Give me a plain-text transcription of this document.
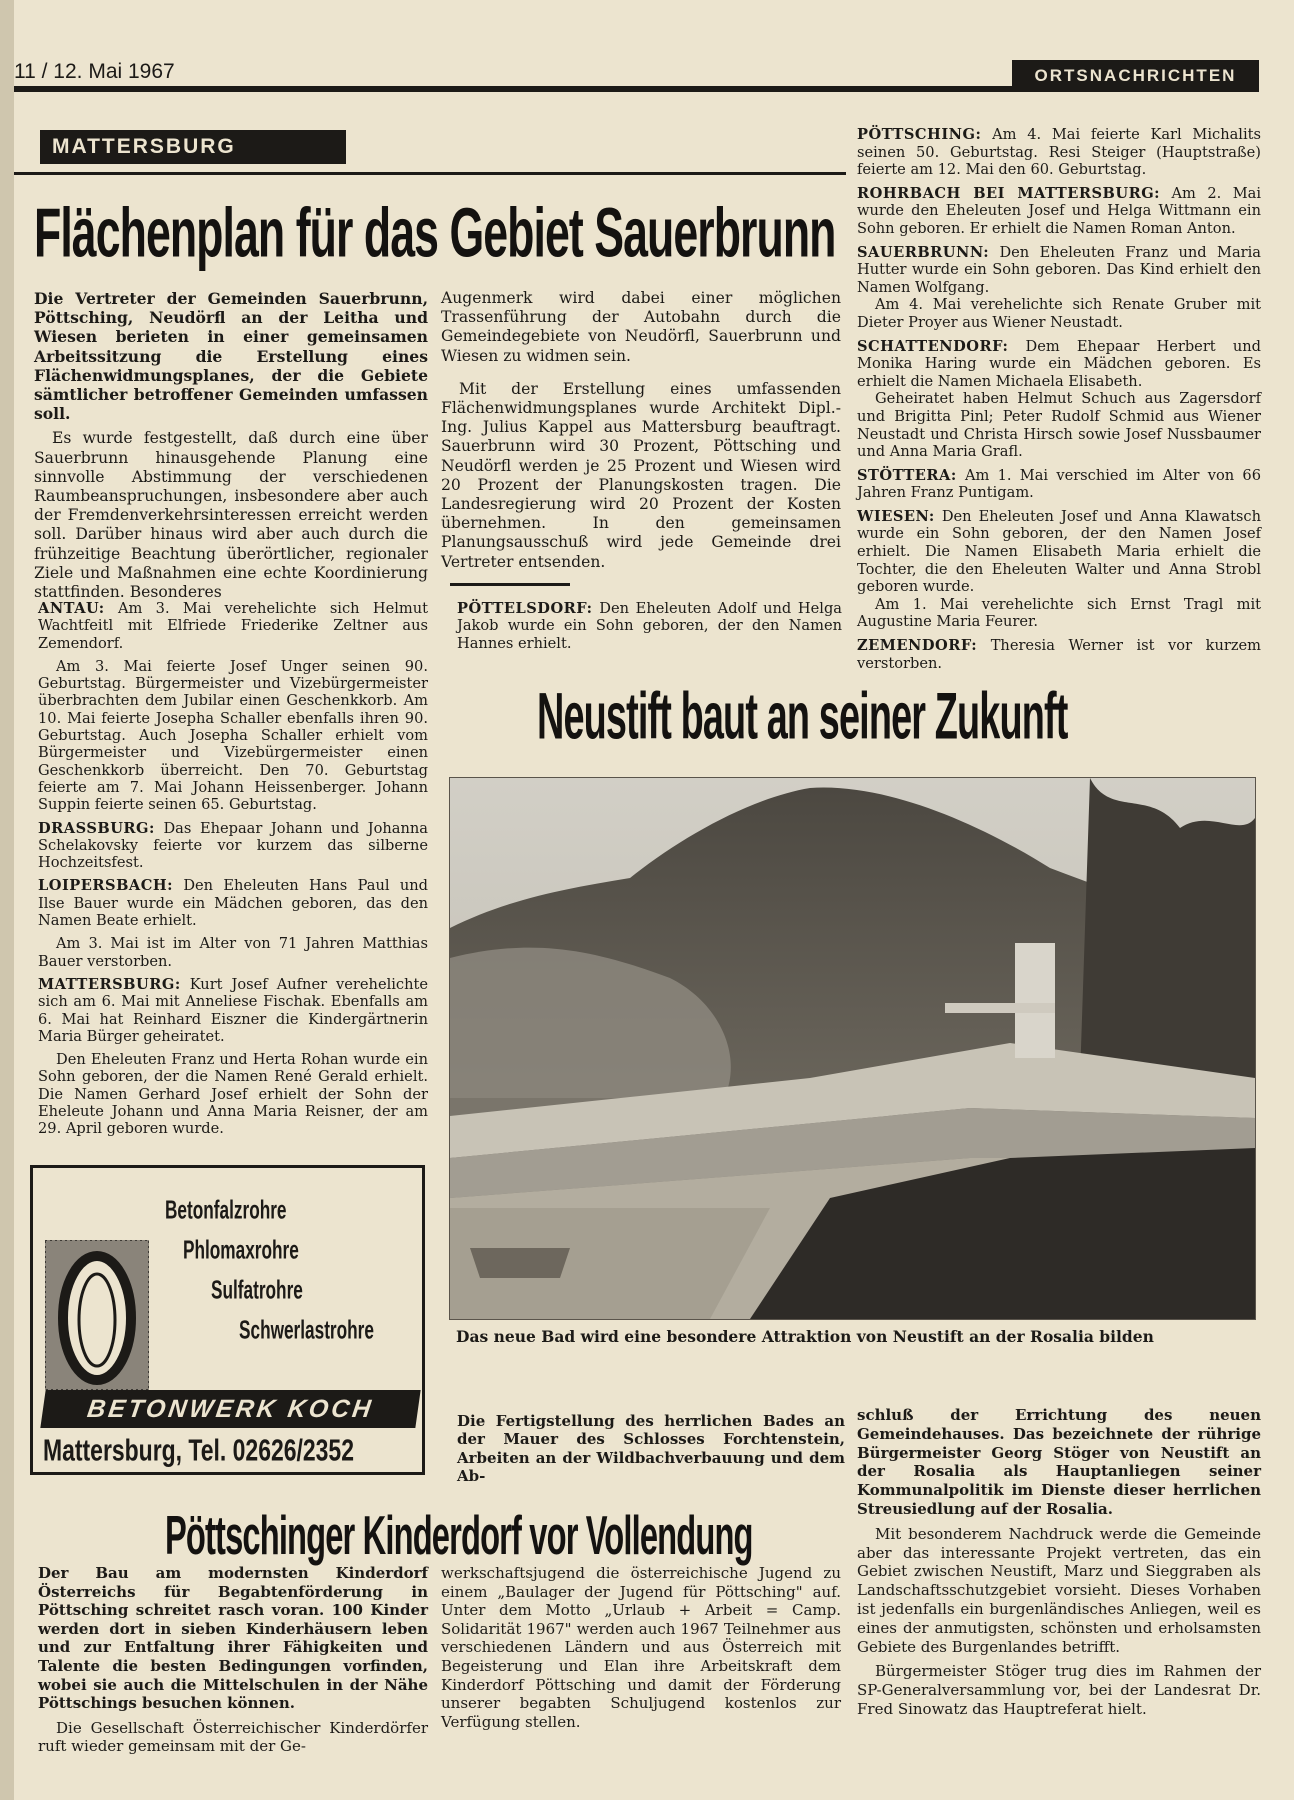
11 / 12. Mai 1967	ORTSNACHRICHTEN
MATTERSBURG
Flächenplan für das Gebiet Sauerbrunn

Die Vertreter der Gemeinden Sauerbrunn, Pöttsching, Neudörfl an der Leitha und Wiesen berieten in einer gemeinsamen Arbeitssitzung die Erstellung eines Flächenwidmungsplanes, der die Gebiete sämtlicher betroffener Gemeinden umfassen soll.

Es wurde festgestellt, daß durch eine über Sauerbrunn hinausgehende Planung eine sinnvolle Abstimmung der verschiedenen Raumbeanspruchungen, insbesondere aber auch der Fremdenverkehrsinteressen erreicht werden soll. Darüber hinaus wird aber auch durch die frühzeitige Beachtung überörtlicher, regionaler Ziele und Maßnahmen eine echte Koordinierung stattfinden. Besonderes

Augenmerk wird dabei einer möglichen Trassenführung der Autobahn durch die Gemeindegebiete von Neudörfl, Sauerbrunn und Wiesen zu widmen sein.

Mit der Erstellung eines umfassenden Flächenwidmungsplanes wurde Architekt Dipl.-Ing. Julius Kappel aus Mattersburg beauftragt. Sauerbrunn wird 30 Prozent, Pöttsching und Neudörfl werden je 25 Prozent und Wiesen wird 20 Prozent der Planungskosten tragen. Die Landesregierung wird 20 Prozent der Kosten übernehmen. In den gemeinsamen Planungsausschuß wird jede Gemeinde drei Vertreter entsenden.

PÖTTSCHING: Am 4. Mai feierte Karl Michalits seinen 50. Geburtstag. Resi Steiger (Hauptstraße) feierte am 12. Mai den 60. Geburtstag.

ROHRBACH BEI MATTERSBURG: Am 2. Mai wurde den Eheleuten Josef und Helga Wittmann ein Sohn geboren. Er erhielt die Namen Roman Anton.

SAUERBRUNN: Den Eheleuten Franz und Maria Hutter wurde ein Sohn geboren. Das Kind erhielt den Namen Wolfgang.

Am 4. Mai verehelichte sich Renate Gruber mit Dieter Proyer aus Wiener Neustadt.

SCHATTENDORF: Dem Ehepaar Herbert und Monika Haring wurde ein Mädchen geboren. Es erhielt die Namen Michaela Elisabeth.

Geheiratet haben Helmut Schuch aus Zagersdorf und Brigitta Pinl; Peter Rudolf Schmid aus Wiener Neustadt und Christa Hirsch sowie Josef Nussbaumer und Anna Maria Grafl.

STÖTTERA: Am 1. Mai verschied im Alter von 66 Jahren Franz Puntigam.

WIESEN: Den Eheleuten Josef und Anna Klawatsch wurde ein Sohn geboren, der den Namen Josef erhielt. Die Namen Elisabeth Maria erhielt die Tochter, die den Eheleuten Walter und Anna Strobl geboren wurde.

Am 1. Mai verehelichte sich Ernst Tragl mit Augustine Maria Feurer.

ZEMENDORF: Theresia Werner ist vor kurzem verstorben.

ANTAU: Am 3. Mai verehelichte sich Helmut Wachtfeitl mit Elfriede Friederike Zeltner aus Zemendorf.

Am 3. Mai feierte Josef Unger seinen 90. Geburtstag. Bürgermeister und Vizebürgermeister überbrachten dem Jubilar einen Geschenkkorb. Am 10. Mai feierte Josepha Schaller ebenfalls ihren 90. Geburtstag. Auch Josepha Schaller erhielt vom Bürgermeister und Vizebürgermeister einen Geschenkkorb überreicht. Den 70. Geburtstag feierte am 7. Mai Johann Heissenberger. Johann Suppin feierte seinen 65. Geburtstag.

DRASSBURG: Das Ehepaar Johann und Johanna Schelakovsky feierte vor kurzem das silberne Hochzeitsfest.

LOIPERSBACH: Den Eheleuten Hans Paul und Ilse Bauer wurde ein Mädchen geboren, das den Namen Beate erhielt.

Am 3. Mai ist im Alter von 71 Jahren Matthias Bauer verstorben.

MATTERSBURG: Kurt Josef Aufner verehelichte sich am 6. Mai mit Anneliese Fischak. Ebenfalls am 6. Mai hat Reinhard Eiszner die Kindergärtnerin Maria Bürger geheiratet.

Den Eheleuten Franz und Herta Rohan wurde ein Sohn geboren, der die Namen René Gerald erhielt. Die Namen Gerhard Josef erhielt der Sohn der Eheleute Johann und Anna Maria Reisner, der am 29. April geboren wurde.

PÖTTELSDORF: Den Eheleuten Adolf und Helga Jakob wurde ein Sohn geboren, der den Namen Hannes erhielt.

Neustift baut an seiner Zukunft
Das neue Bad wird eine besondere Attraktion von Neustift an der Rosalia bilden

Die Fertigstellung des herrlichen Bades an der Mauer des Schlosses Forchtenstein, Arbeiten an der Wildbachverbauung und dem Ab-

schluß der Errichtung des neuen Gemeindehauses. Das bezeichnete der rührige Bürgermeister Georg Stöger von Neustift an der Rosalia als Hauptanliegen seiner Kommunalpolitik im Dienste dieser herrlichen Streusiedlung auf der Rosalia.

Mit besonderem Nachdruck werde die Gemeinde aber das interessante Projekt vertreten, das ein Gebiet zwischen Neustift, Marz und Sieggraben als Landschaftsschutzgebiet vorsieht. Dieses Vorhaben ist jedenfalls ein burgenländisches Anliegen, weil es eines der anmutigsten, schönsten und erholsamsten Gebiete des Burgenlandes betrifft.

Bürgermeister Stöger trug dies im Rahmen der SP-Generalversammlung vor, bei der Landesrat Dr. Fred Sinowatz das Hauptreferat hielt.

Betonfalzrohre
Phlomaxrohre
Sulfatrohre
Schwerlastrohre
BETONWERK KOCH
Mattersburg, Tel. 02626/2352
Pöttschinger Kinderdorf vor Vollendung

Der Bau am modernsten Kinderdorf Österreichs für Begabtenförderung in Pöttsching schreitet rasch voran. 100 Kinder werden dort in sieben Kinderhäusern leben und zur Entfaltung ihrer Fähigkeiten und Talente die besten Bedingungen vorfinden, wobei sie auch die Mittelschulen in der Nähe Pöttschings besuchen können.

Die Gesellschaft Österreichischer Kinderdörfer ruft wieder gemeinsam mit der Ge-

werkschaftsjugend die österreichische Jugend zu einem „Baulager der Jugend für Pöttsching" auf. Unter dem Motto „Urlaub + Arbeit = Camp. Solidarität 1967" werden auch 1967 Teilnehmer aus verschiedenen Ländern und aus Österreich mit Begeisterung und Elan ihre Arbeitskraft dem Kinderdorf Pöttsching und damit der Förderung unserer begabten Schuljugend kostenlos zur Verfügung stellen.
